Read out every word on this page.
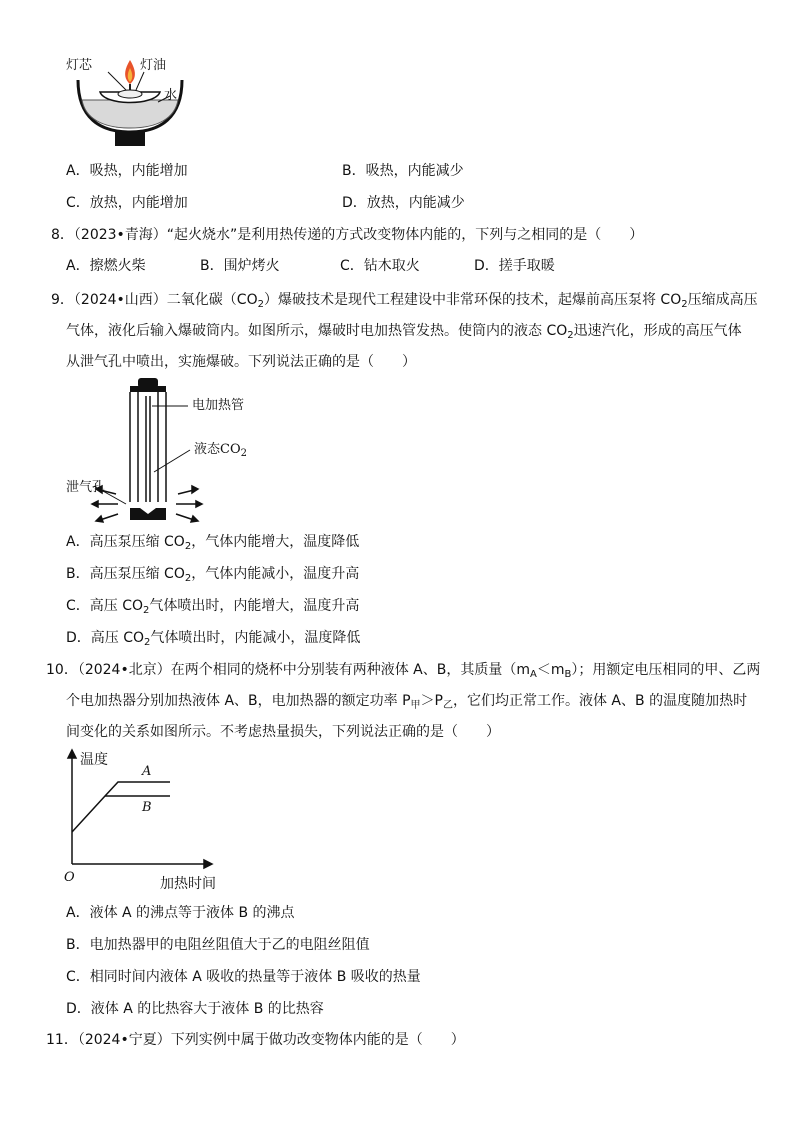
灯芯	灯油
水
A．吸热，内能增加	B．吸热，内能减少
C．放热，内能增加	D．放热，内能减少
8．（2023•青海）“起火烧水”是利用热传递的方式改变物体内能的，下列与之相同的是（　　）
A．擦燃火柴	B．围炉烤火	C．钻木取火	D．搓手取暖
9．（2024•山西）二氧化碳$(CO_2)$爆破技术是现代工程建设中非常环保的技术，起爆前高压泵将 $CO_2$压缩成高压
气体，液化后输入爆破筒内。如图所示，爆破时电加热管发热。使筒内的液态 $CO_2$迅速汽化，形成的高压气体
从泄气孔中喷出，实施爆破。下列说法正确的是（　　）
电加热管
液态$CO_2$
泄气孔
A．高压泵压缩 $CO_2$，气体内能增大，温度降低
B．高压泵压缩 $CO_2$，气体内能减小，温度升高
C．高压 $CO_2$气体喷出时，内能增大，温度升高
D．高压 $CO_2$气体喷出时，内能减小，温度降低
10．（2024•北京）在两个相同的烧杯中分别装有两种液体 A、B，其质量$(m_A<m_B)$；用额定电压相同的甲、乙两
个电加热器分别加热液体 A、B，电加热器的额定功率 $P_甲>P_乙$，它们均正常工作。液体 A、B 的温度随加热时
间变化的关系如图所示。不考虑热量损失，下列说法正确的是（　　）
温度
A
B
O	加热时间
A．液体 A 的沸点等于液体 B 的沸点
B．电加热器甲的电阻丝阻值大于乙的电阻丝阻值
C．相同时间内液体 A 吸收的热量等于液体 B 吸收的热量
D．液体 A 的比热容大于液体 B 的比热容
11．（2024•宁夏）下列实例中属于做功改变物体内能的是（　　）
